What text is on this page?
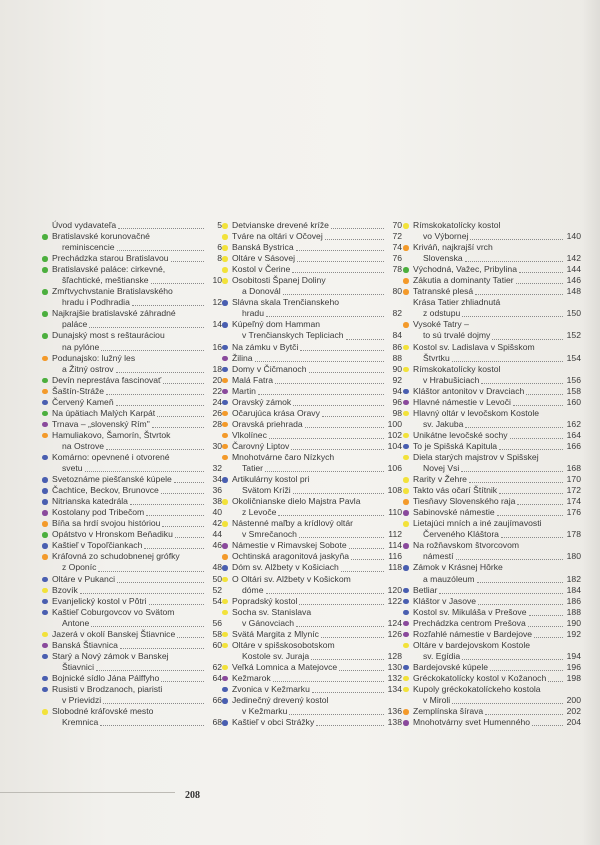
Úvod vydavateľa	5
Bratislavské korunovačné
reminiscencie	6
Prechádzka starou Bratislavou	8
Bratislavské paláce: cirkevné,
šľachtické, meštianske	10
Zmŕtvychvstanie Bratislavského
hradu i Podhradia	12
Najkrajšie bratislavské záhradné
paláce	14
Dunajský most s reštauráciou
na pylóne	16
Podunajsko: lužný les
a Žitný ostrov	18
Devín neprestáva fascinovať	20
Šaštín-Stráže	22
Červený Kameň	24
Na úpätiach Malých Karpát	26
Trnava – „slovenský Rím"	28
Hamuliakovo, Šamorín, Štvrtok
na Ostrove	30
Komárno: opevnené i otvorené
svetu	32
Svetoznáme piešťanské kúpele	34
Čachtice, Beckov, Brunovce	36
Nitrianska katedrála	38
Kostolany pod Tribečom	40
Bíňa sa hrdí svojou históriou	42
Opátstvo v Hronskom Beňadiku	44
Kaštieľ v Topoľčiankach	46
Kráľovná zo schudobnenej grófky
z Oponíc	48
Oltáre v Pukanci	50
Bzovík	52
Evanjelický kostol v Pôtri	54
Kaštieľ Coburgovcov vo Svätom
Antone	56
Jazerá v okolí Banskej Štiavnice	58
Banská Štiavnica	60
Starý a Nový zámok v Banskej
Štiavnici	62
Bojnické sídlo Jána Pálffyho	64
Rusisti v Brodzanoch, piaristi
v Prievidzi	66
Slobodné kráľovské mesto
Kremnica	68
Detvianske drevené kríže	70
Tváre na oltári v Očovej	72
Banská Bystrica	74
Oltáre v Sásovej	76
Kostol v Čerine	78
Osobitosti Španej Doliny
a Donovál	80
Slávna skala Trenčianskeho
hradu	82
Kúpeľný dom Hamman
v Trenčianskych Tepliciach	84
Na zámku v Bytči	86
Žilina	88
Domy v Čičmanoch	90
Malá Fatra	92
Martin	94
Oravský zámok	96
Očarujúca krása Oravy	98
Oravská priehrada	100
Vlkolínec	102
Čarovný Liptov	104
Mnohotvárne čaro Nízkych
Tatier	106
Artikulárny kostol pri
Svätom Kríži	108
Okoličnianske dielo Majstra Pavla
z Levoče	110
Nástenné maľby a krídlový oltár
v Smrečanoch	112
Námestie v Rimavskej Sobote	114
Ochtinská aragonitová jaskyňa	116
Dóm sv. Alžbety v Košiciach	118
O Oltári sv. Alžbety v Košickom
dóme	120
Popradský kostol	122
Socha sv. Stanislava
v Gánovciach	124
Svätá Margita z Mlyníc	126
Oltáre v spišskosobotskom
Kostole sv. Juraja	128
Veľká Lomnica a Matejovce	130
Kežmarok	132
Zvonica v Kežmarku	134
Jedinečný drevený kostol
v Kežmarku	136
Kaštieľ v obci Strážky	138
Rímskokatolícky kostol
vo Výbornej	140
Kriváň, najkrajší vrch
Slovenska	142
Východná, Važec, Pribylina	144
Zákutia a dominanty Tatier	146
Tatranské plesá	148
Krása Tatier zhliadnutá
z odstupu	150
Vysoké Tatry –
to sú trvalé dojmy	152
Kostol sv. Ladislava v Spišskom
Štvrtku	154
Rímskokatolícky kostol
v Hrabušiciach	156
Kláštor antonitov v Dravciach	158
Hlavné námestie v Levoči	160
Hlavný oltár v levočskom Kostole
sv. Jakuba	162
Unikátne levočské sochy	164
To je Spišská Kapitula	166
Diela starých majstrov v Spišskej
Novej Vsi	168
Rarity v Žehre	170
Takto vás očarí Štítnik	172
Tiesňavy Slovenského raja	174
Sabinovské námestie	176
Lietajúci mních a iné zaujímavosti
Červeného Kláštora	178
Na rožňavskom štvorcovom
námestí	180
Zámok v Krásnej Hôrke
a mauzóleum	182
Betliar	184
Kláštor v Jasove	186
Kostol sv. Mikuláša v Prešove	188
Prechádzka centrom Prešova	190
Rozľahlé námestie v Bardejove	192
Oltáre v bardejovskom Kostole
sv. Egídia	194
Bardejovské kúpele	196
Gréckokatolícky kostol v Kožanoch 198
Kupoly gréckokatolíckeho kostola
v Miroli	200
Zemplínska šírava	202
Mnohotvárny svet Humenného	204
208
